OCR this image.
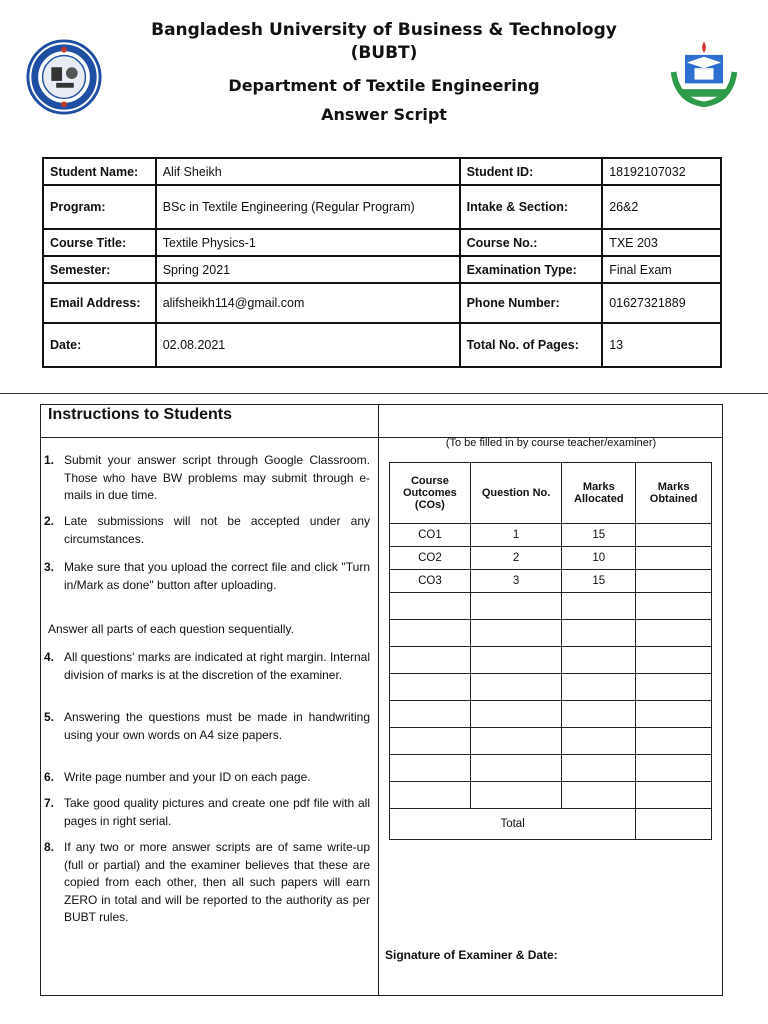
Bangladesh University of Business & Technology
(BUBT)
Department of Textile Engineering
Answer Script
Student Name:	Alif Sheikh	Student ID:	18192107032
Program:	BSc in Textile Engineering (Regular Program)	Intake & Section:	26&2
Course Title:	Textile Physics-1	Course No.:	TXE 203
Semester:	Spring 2021	Examination Type:	Final Exam
Email Address:	alifsheikh114@gmail.com	Phone Number:	01627321889
Date:	02.08.2021	Total No. of Pages:	13
Instructions to Students
1. Submit your answer script through Google Classroom. Those who have BW problems may submit through e-mails in due time.
2. Late submissions will not be accepted under any circumstances.
3. Make sure that you upload the correct file and click "Turn in/Mark as done" button after uploading.
Answer all parts of each question sequentially.
4. All questions' marks are indicated at right margin. Internal division of marks is at the discretion of the examiner.
5. Answering the questions must be made in handwriting using your own words on A4 size papers.
6. Write page number and your ID on each page.
7. Take good quality pictures and create one pdf file with all pages in right serial.
8. If any two or more answer scripts are of same write-up (full or partial) and the examiner believes that these are copied from each other, then all such papers will earn ZERO in total and will be reported to the authority as per BUBT rules.
(To be filled in by course teacher/examiner)
Course Outcomes (COs)	Question No.	Marks Allocated	Marks Obtained
CO1	1	15	
CO2	2	10	
CO3	3	15	

Total			
Signature of Examiner & Date:
